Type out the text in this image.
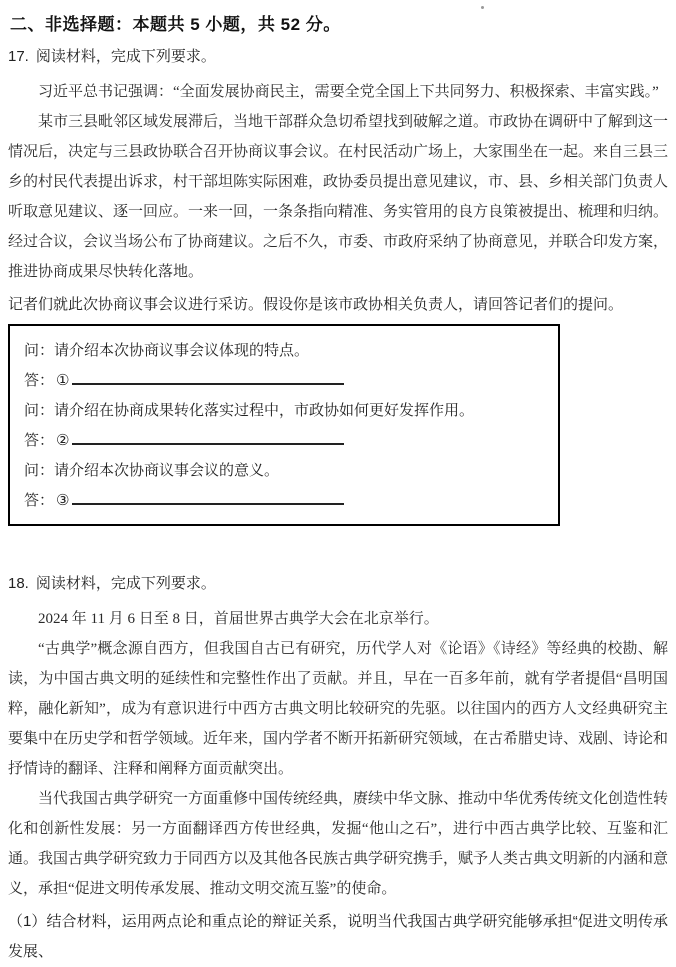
二、非选择题：本题共 5 小题，共 52 分。
17. 阅读材料，完成下列要求。

习近平总书记强调：“全面发展协商民主，需要全党全国上下共同努力、积极探索、丰富实践。”

某市三县毗邻区域发展滞后，当地干部群众急切希望找到破解之道。市政协在调研中了解到这一情况后，决定与三县政协联合召开协商议事会议。在村民活动广场上，大家围坐在一起。来自三县三乡的村民代表提出诉求，村干部坦陈实际困难，政协委员提出意见建议，市、县、乡相关部门负责人听取意见建议、逐一回应。一来一回，一条条指向精准、务实管用的良方良策被提出、梳理和归纳。经过合议，会议当场公布了协商建议。之后不久，市委、市政府采纳了协商意见，并联合印发方案，推进协商成果尽快转化落地。

记者们就此次协商议事会议进行采访。假设你是该市政协相关负责人，请回答记者们的提问。

问：请介绍本次协商议事会议体现的特点。
答： ①
问：请介绍在协商成果转化落实过程中，市政协如何更好发挥作用。
答： ②
问：请介绍本次协商议事会议的意义。
答： ③
18. 阅读材料，完成下列要求。

2024 年 11 月 6 日至 8 日，首届世界古典学大会在北京举行。

“古典学”概念源自西方，但我国自古已有研究，历代学人对《论语》《诗经》等经典的校勘、解读，为中国古典文明的延续性和完整性作出了贡献。并且，早在一百多年前，就有学者提倡“昌明国粹，融化新知”，成为有意识进行中西方古典文明比较研究的先驱。以往国内的西方人文经典研究主要集中在历史学和哲学领域。近年来，国内学者不断开拓新研究领域，在古希腊史诗、戏剧、诗论和抒情诗的翻译、注释和阐释方面贡献突出。

当代我国古典学研究一方面重修中国传统经典，赓续中华文脉、推动中华优秀传统文化创造性转化和创新性发展：另一方面翻译西方传世经典，发掘“他山之石”，进行中西古典学比较、互鉴和汇通。我国古典学研究致力于同西方以及其他各民族古典学研究携手，赋予人类古典文明新的内涵和意义，承担“促进文明传承发展、推动文明交流互鉴”的使命。

（1）结合材料，运用两点论和重点论的辩证关系，说明当代我国古典学研究能够承担“促进文明传承发展、
